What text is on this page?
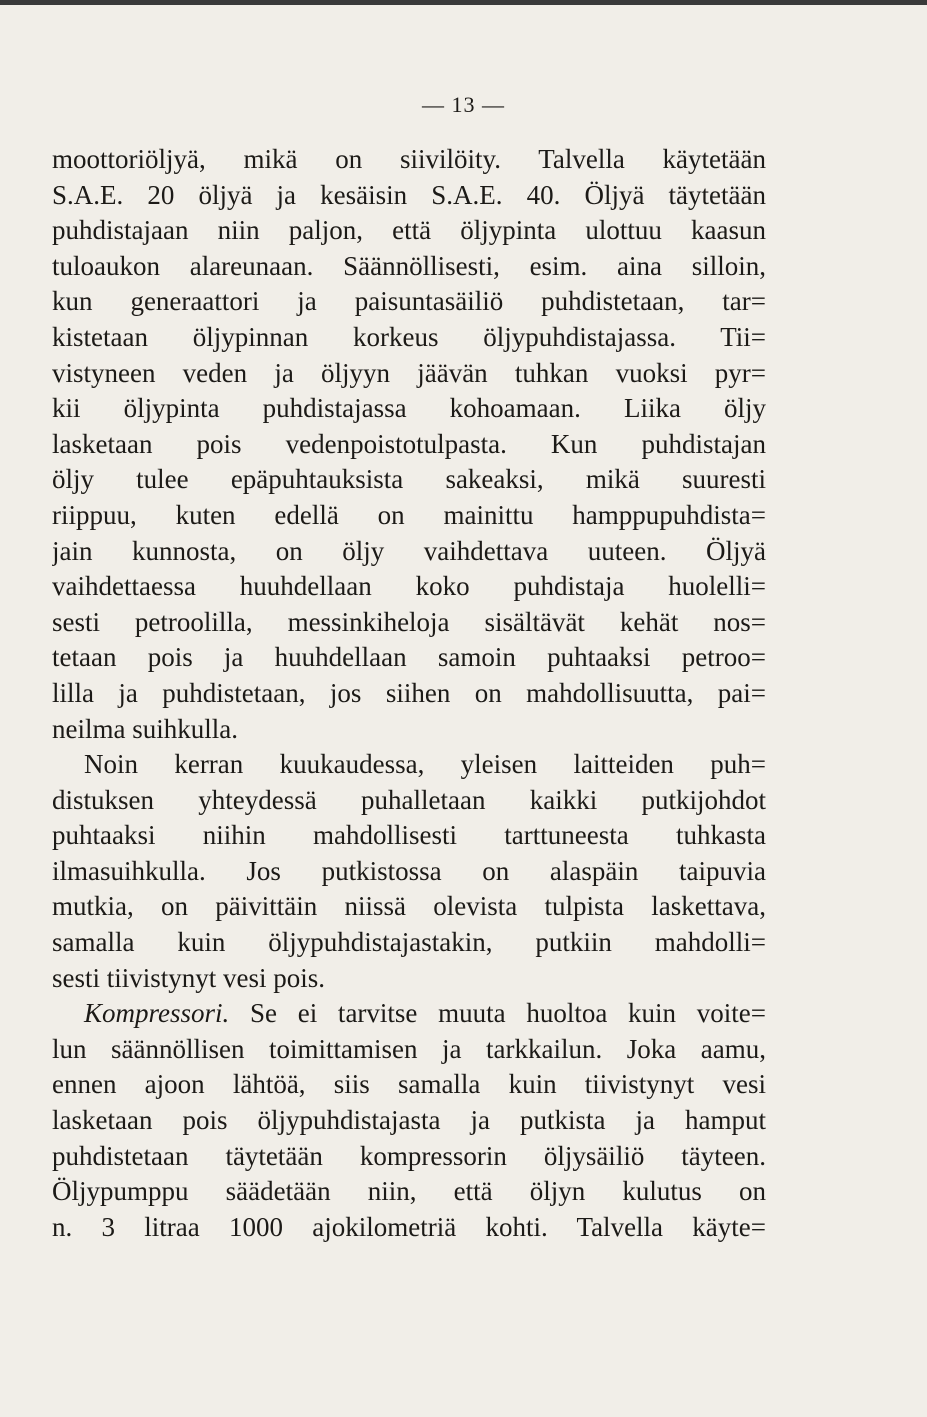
— 13 —
moottoriöljyä, mikä on siivilöity. Talvella käytetään
S.A.E. 20 öljyä ja kesäisin S.A.E. 40. Öljyä täytetään
puhdistajaan niin paljon, että öljypinta ulottuu kaasun
tuloaukon alareunaan. Säännöllisesti, esim. aina silloin,
kun generaattori ja paisuntasäiliö puhdistetaan, tar=
kistetaan öljypinnan korkeus öljypuhdistajassa. Tii=
vistyneen veden ja öljyyn jäävän tuhkan vuoksi pyr=
kii öljypinta puhdistajassa kohoamaan. Liika öljy
lasketaan pois vedenpoistotulpasta. Kun puhdistajan
öljy tulee epäpuhtauksista sakeaksi, mikä suuresti
riippuu, kuten edellä on mainittu hamppupuhdista=
jain kunnosta, on öljy vaihdettava uuteen. Öljyä
vaihdettaessa huuhdellaan koko puhdistaja huolelli=
sesti petroolilla, messinkiheloja sisältävät kehät nos=
tetaan pois ja huuhdellaan samoin puhtaaksi petroo=
lilla ja puhdistetaan, jos siihen on mahdollisuutta, pai=
neilma suihkulla.
Noin kerran kuukaudessa, yleisen laitteiden puh=
distuksen yhteydessä puhalletaan kaikki putkijohdot
puhtaaksi niihin mahdollisesti tarttuneesta tuhkasta
ilmasuihkulla. Jos putkistossa on alaspäin taipuvia
mutkia, on päivittäin niissä olevista tulpista laskettava,
samalla kuin öljypuhdistajastakin, putkiin mahdolli=
sesti tiivistynyt vesi pois.
Kompressori. Se ei tarvitse muuta huoltoa kuin voite=
lun säännöllisen toimittamisen ja tarkkailun. Joka aamu,
ennen ajoon lähtöä, siis samalla kuin tiivistynyt vesi
lasketaan pois öljypuhdistajasta ja putkista ja hamput
puhdistetaan täytetään kompressorin öljysäiliö täyteen.
Öljypumppu säädetään niin, että öljyn kulutus on
n. 3 litraa 1000 ajokilometriä kohti. Talvella käyte=
